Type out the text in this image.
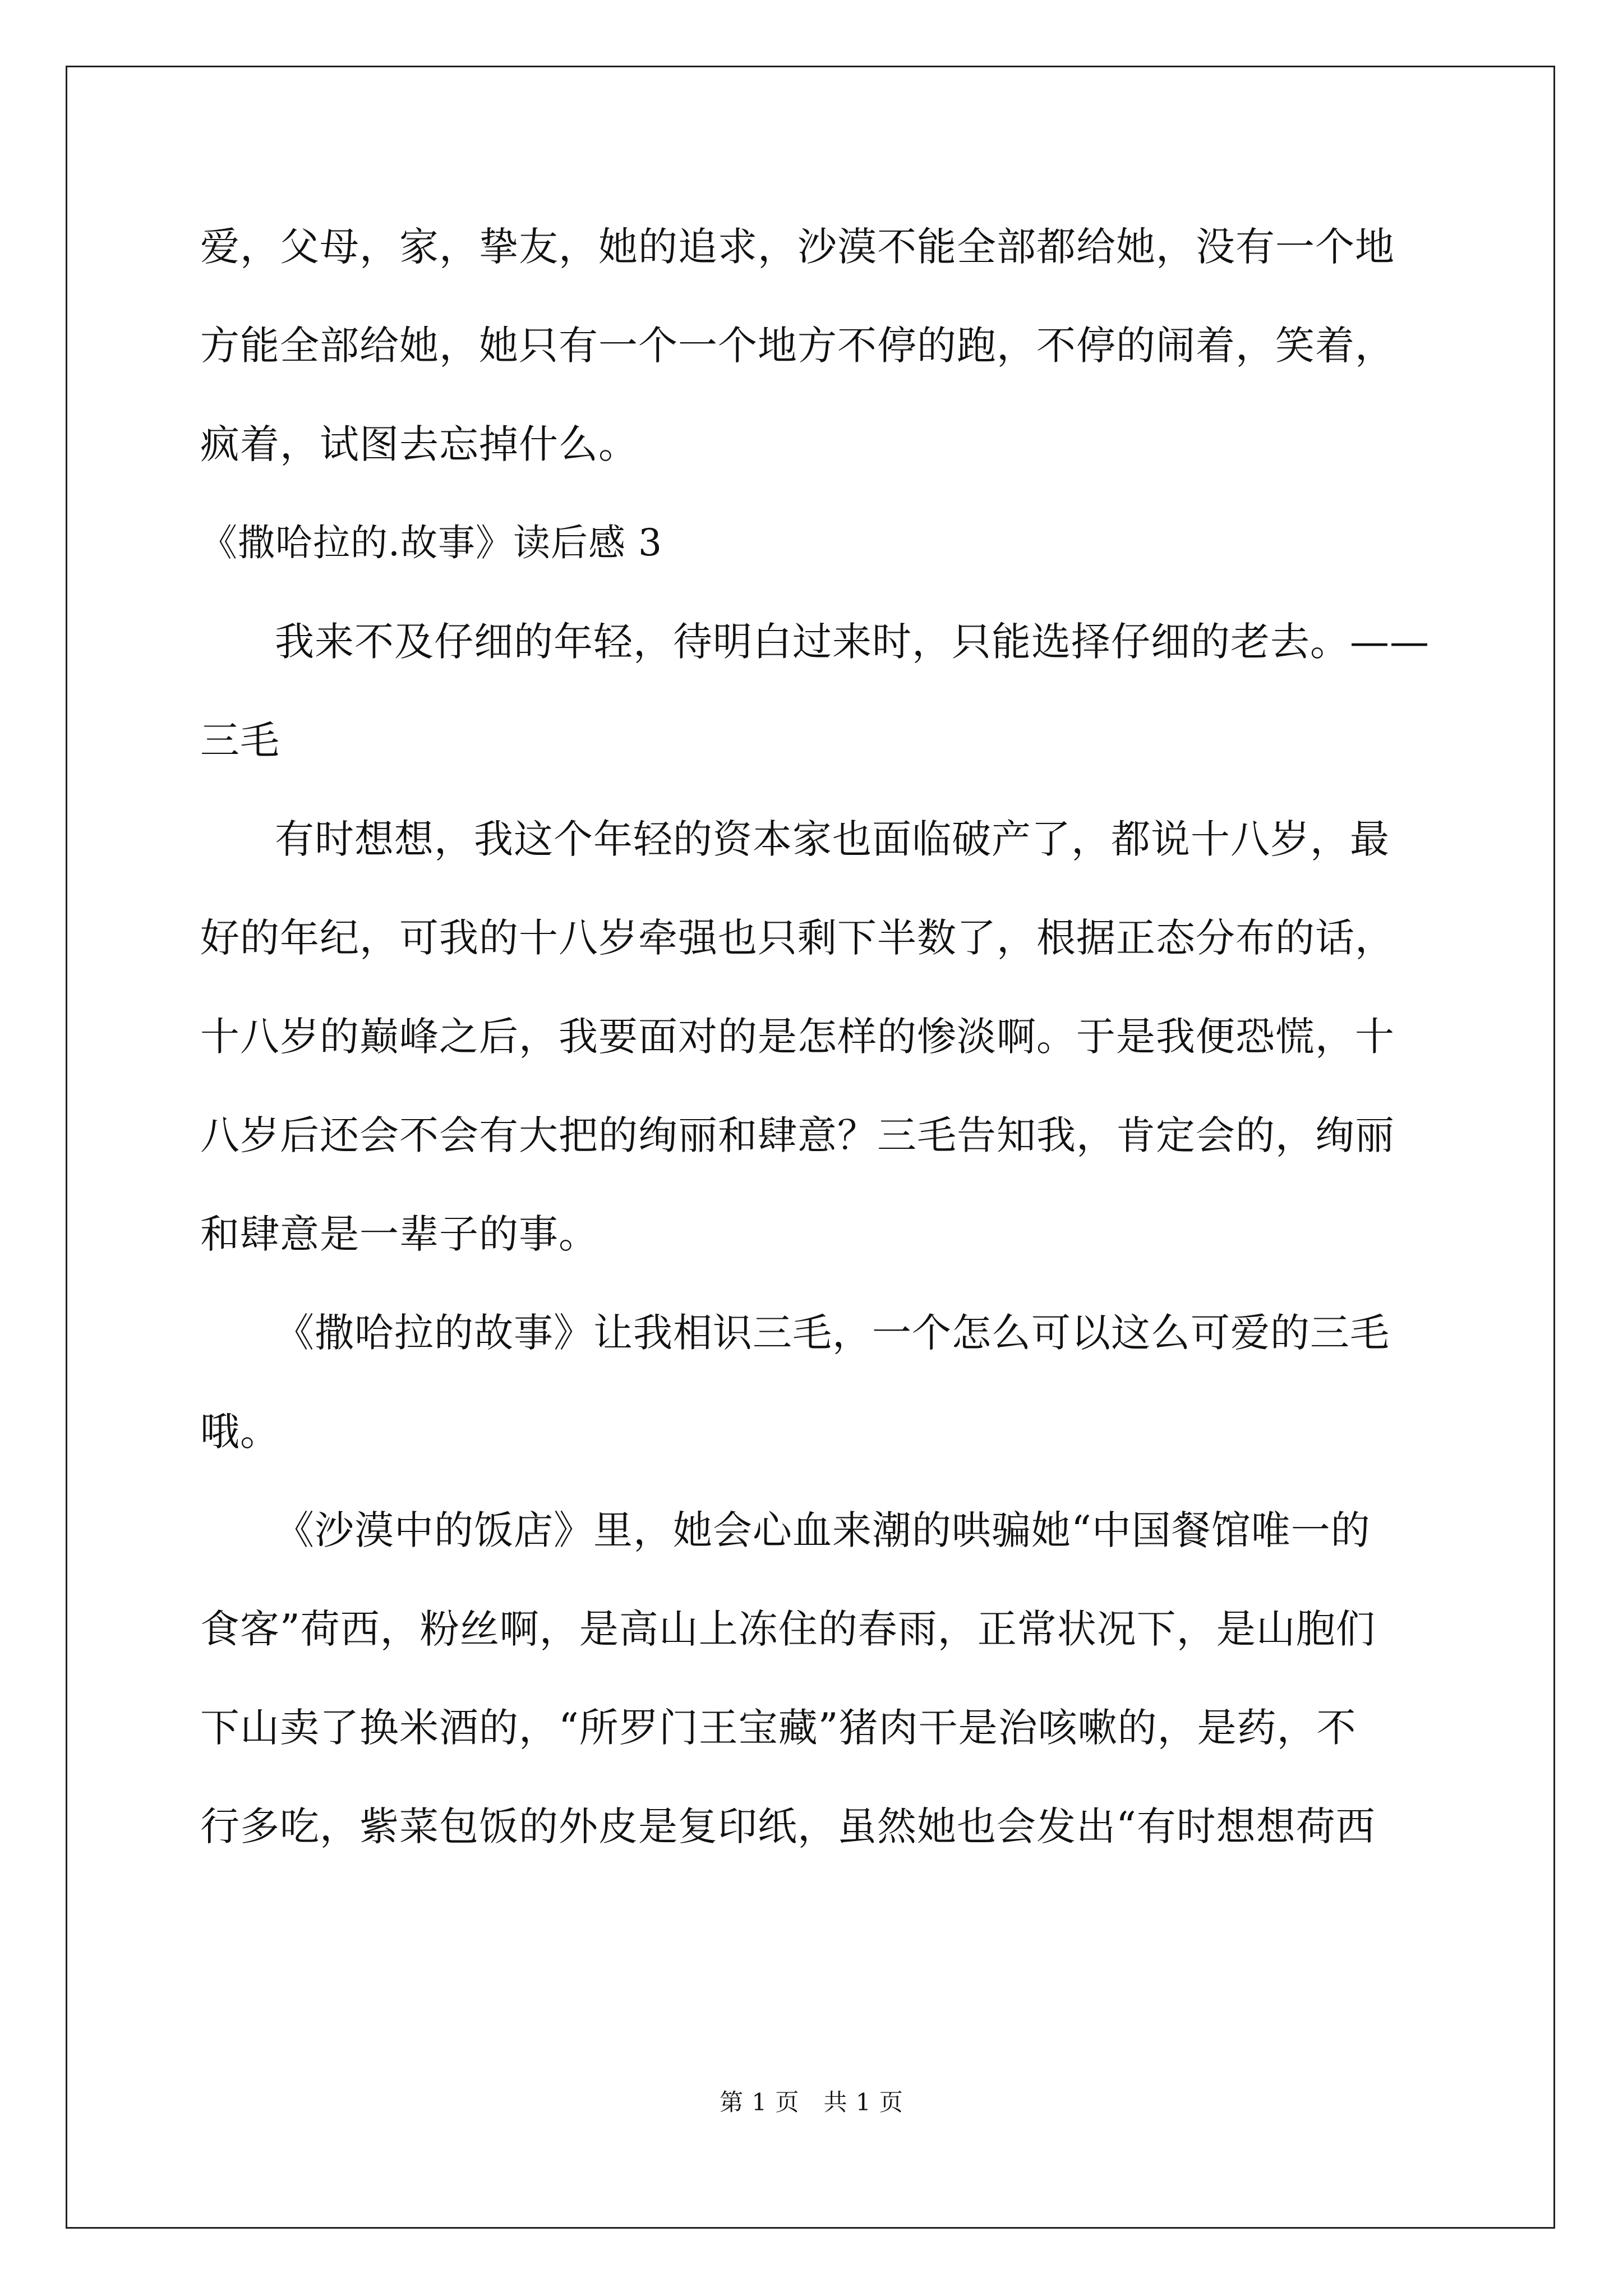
爱，父母，家，挚友，她的追求，沙漠不能全部都给她，没有一个地
方能全部给她，她只有一个一个地方不停的跑，不停的闹着，笑着，
疯着，试图去忘掉什么。
《撒哈拉的.故事》读后感 3
我来不及仔细的年轻，待明白过来时，只能选择仔细的老去。——
三毛
有时想想，我这个年轻的资本家也面临破产了，都说十八岁，最
好的年纪，可我的十八岁牵强也只剩下半数了，根据正态分布的话，
十八岁的巅峰之后，我要面对的是怎样的惨淡啊。于是我便恐慌，十
八岁后还会不会有大把的绚丽和肆意？三毛告知我，肯定会的，绚丽
和肆意是一辈子的事。
《撒哈拉的故事》让我相识三毛，一个怎么可以这么可爱的三毛
哦。
《沙漠中的饭店》里，她会心血来潮的哄骗她“中国餐馆唯一的
食客”荷西，粉丝啊，是高山上冻住的春雨，正常状况下，是山胞们
下山卖了换米酒的，“所罗门王宝藏”猪肉干是治咳嗽的，是药，不
行多吃，紫菜包饭的外皮是复印纸，虽然她也会发出“有时想想荷西
第 1 页　共 1 页
